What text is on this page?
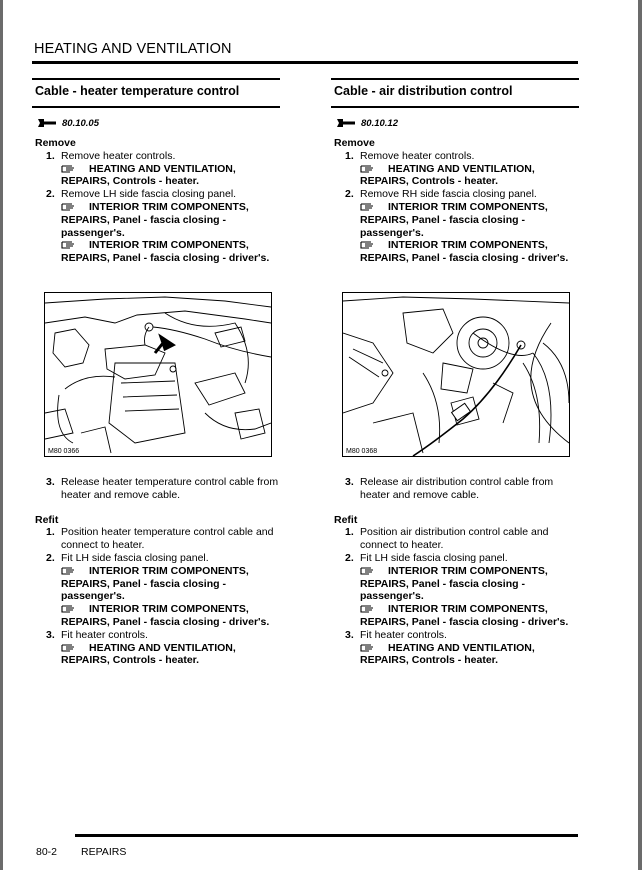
HEATING AND VENTILATION
Cable - heater temperature control
80.10.05
Remove
1. Remove heater controls.
HEATING AND VENTILATION, REPAIRS, Controls - heater.
2. Remove LH side fascia closing panel.
INTERIOR TRIM COMPONENTS, REPAIRS, Panel - fascia closing - passenger's.
INTERIOR TRIM COMPONENTS, REPAIRS, Panel - fascia closing - driver's.
M80 0366
3. Release heater temperature control cable from heater and remove cable.
Refit
1. Position heater temperature control cable and connect to heater.
2. Fit LH side fascia closing panel.
INTERIOR TRIM COMPONENTS, REPAIRS, Panel - fascia closing - passenger's.
INTERIOR TRIM COMPONENTS, REPAIRS, Panel - fascia closing - driver's.
3. Fit heater controls.
HEATING AND VENTILATION, REPAIRS, Controls - heater.
Cable - air distribution control
80.10.12
Remove
1. Remove heater controls.
HEATING AND VENTILATION, REPAIRS, Controls - heater.
2. Remove RH side fascia closing panel.
INTERIOR TRIM COMPONENTS, REPAIRS, Panel - fascia closing - passenger's.
INTERIOR TRIM COMPONENTS, REPAIRS, Panel - fascia closing - driver's.
M80 0368
3. Release air distribution control cable from heater and remove cable.
Refit
1. Position air distribution control cable and connect to heater.
2. Fit LH side fascia closing panel.
INTERIOR TRIM COMPONENTS, REPAIRS, Panel - fascia closing - passenger's.
INTERIOR TRIM COMPONENTS, REPAIRS, Panel - fascia closing - driver's.
3. Fit heater controls.
HEATING AND VENTILATION, REPAIRS, Controls - heater.
80-2 REPAIRS
